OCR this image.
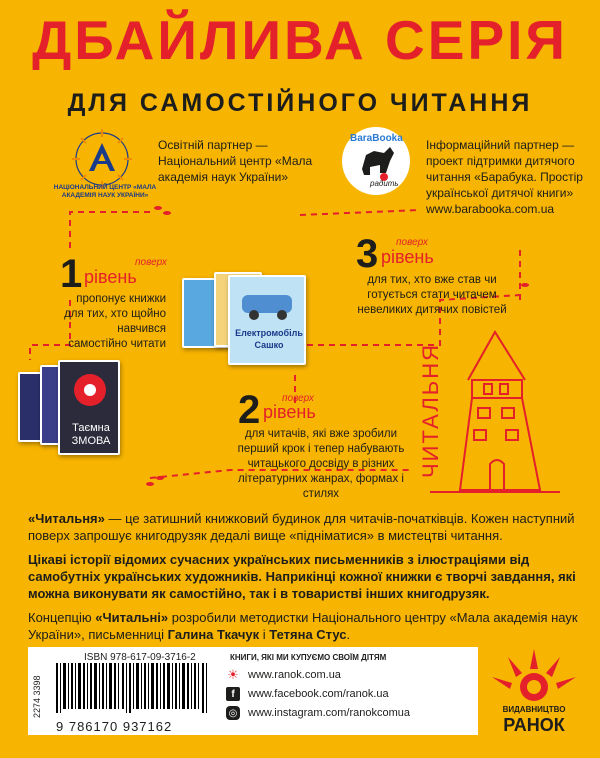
ДБАЙЛИВА СЕРІЯ
ДЛЯ САМОСТІЙНОГО ЧИТАННЯ
НАЦІОНАЛЬНИЙ ЦЕНТР «МАЛА АКАДЕМІЯ НАУК УКРАЇНИ»
Освітній партнер — Національний центр «Мала академія наук України»
BaraBooka
радить
Інформаційний партнер — проект підтримки дитячого читання «Барабука. Простір української дитячої книги» www.barabooka.com.ua
ЧИТАЛЬНЯ
1 рівень
поверх
пропонує книжки для тих, хто щойно навчився самостійно читати
3 рівень
поверх
для тих, хто вже став чи готується стати читачем невеликих дитячих повістей
2 рівень
поверх
для читачів, які вже зробили перший крок і тепер набувають читацького досвіду в різних літературних жанрах, формах і стилях
Таємна ЗМОВА
Електромобіль Сашко
«Читальня» — це затишний книжковий будинок для читачів-початківців. Кожен наступний поверх запрошує книгодрузяк дедалі вище «підніматися» в мистецтві читання.
Цікаві історії відомих сучасних українських письменників з ілюстраціями від самобутніх українських художників. Наприкінці кожної книжки є творчі завдання, які можна виконувати як самостійно, так і в товаристві інших книгодрузяк.
Концепцію «Читальні» розробили методистки Національного центру «Мала академія наук України», письменниці Галина Ткачук і Тетяна Стус.
ISBN 978-617-09-3716-2
9 786170 937162
2274 3398
КНИГИ, ЯКІ МИ КУПУЄМО СВОЇМ ДІТЯМ
☀ www.ranok.com.ua
f	www.facebook.com/ranok.ua
◎ www.instagram.com/ranokcomua	ВИДАВНИЦТВО
РАНОК
